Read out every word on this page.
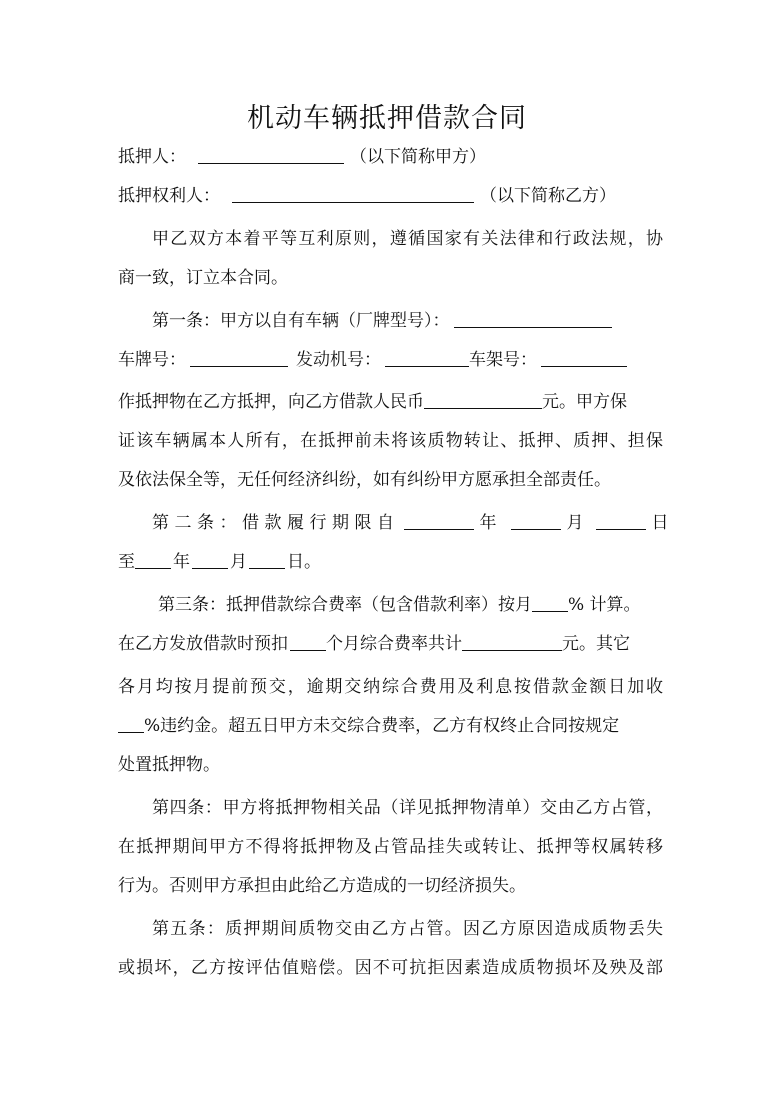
机动车辆抵押借款合同
抵押人：	（以下简称甲方）
抵押权利人：	（以下简称乙方）
甲乙双方本着平等互利原则，遵循国家有关法律和行政法规，协
商一致，订立本合同。
第一条：甲方以自有车辆（厂牌型号）：
车牌号：	发动机号：	车架号：
作抵押物在乙方抵押，向乙方借款人民币	元。甲方保
证该车辆属本人所有，在抵押前未将该质物转让、抵押、质押、担保
及依法保全等，无任何经济纠纷，如有纠纷甲方愿承担全部责任。
第二条：借款履行期限自	年	月	日
至 年 月 日。
第三条：抵押借款综合费率（包含借款利率）按月 % 计算。
在乙方发放借款时预扣 个月综合费率共计	元。其它
各月均按月提前预交，逾期交纳综合费用及利息按借款金额日加收
%违约金。超五日甲方未交综合费率，乙方有权终止合同按规定
处置抵押物。
第四条：甲方将抵押物相关品（详见抵押物清单）交由乙方占管，
在抵押期间甲方不得将抵押物及占管品挂失或转让、抵押等权属转移
行为。否则甲方承担由此给乙方造成的一切经济损失。
第五条：质押期间质物交由乙方占管。因乙方原因造成质物丢失
或损坏，乙方按评估值赔偿。因不可抗拒因素造成质物损坏及殃及部
